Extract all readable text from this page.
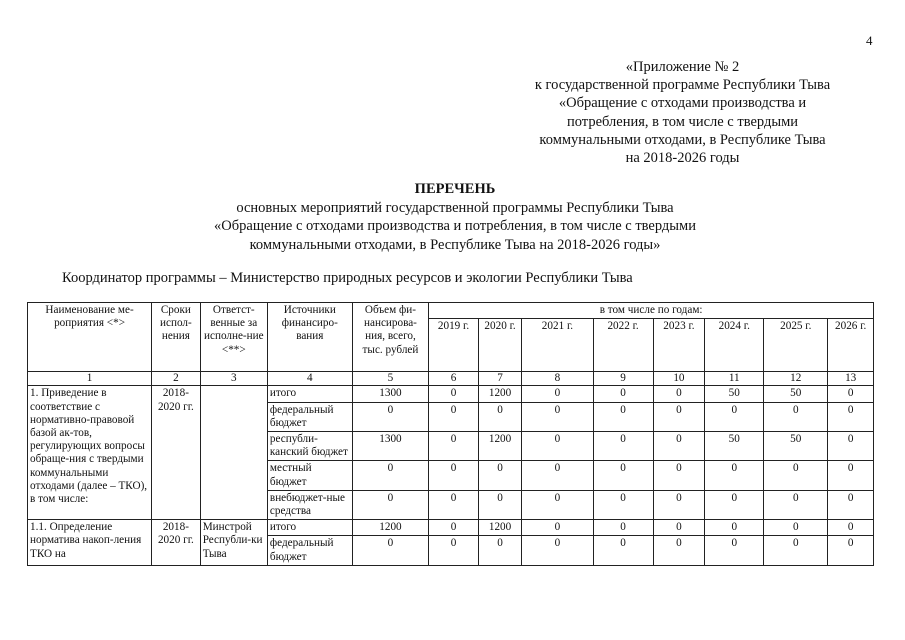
4
«Приложение № 2
к государственной программе Республики Тыва
«Обращение с отходами производства и
потребления, в том числе с твердыми
коммунальными отходами, в Республике Тыва
на 2018-2026 годы
ПЕРЕЧЕНЬ
основных мероприятий государственной программы Республики Тыва
«Обращение с отходами производства и потребления, в том числе с твердыми
коммунальными отходами, в Республике Тыва на 2018-2026 годы»
Координатор программы – Министерство природных ресурсов и экологии Республики Тыва
Наименование ме-роприятия <*>	Сроки испол-нения	Ответст-венные за исполне-ние <**>	Источники финансиро-вания	Объем фи-нансирова-ния, всего, тыс. рублей	в том числе по годам:							
					2019 г.	2020 г.	2021 г.	2022 г.	2023 г.	2024 г.	2025 г.	2026 г.
1	2	3	4	5	6	7	8	9	10	11	12	13
1. Приведение в соответствие с нормативно-правовой базой ак-тов, регулирующих вопросы обраще-ния с твердыми коммунальными отходами (далее – ТКО), в том числе:	2018-2020 гг.		итого	1300	0	1200	0	0	0	50	50	0
			федеральный бюджет	0	0	0	0	0	0	0	0	0
			республи-канский бюджет	1300	0	1200	0	0	0	50	50	0
			местный бюджет	0	0	0	0	0	0	0	0	0
			внебюджет-ные средства	0	0	0	0	0	0	0	0	0
1.1. Определение норматива накоп-ления ТКО на	2018-2020 гг.	Минстрой Республи-ки Тыва	итого	1200	0	1200	0	0	0	0	0	0
			федеральный бюджет	0	0	0	0	0	0	0	0	0
